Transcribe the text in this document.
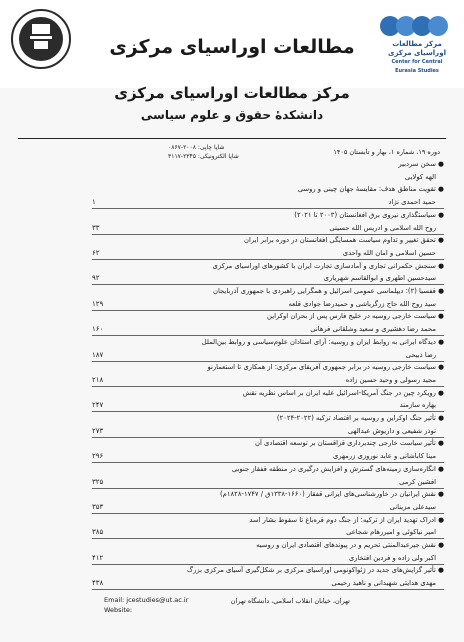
مرکز مطالعات
اوراسیای مرکزی
Center for Central Eurasia Studies
مطالعات اوراسیای مرکزی
مرکز مطالعات اوراسیای مرکزی
دانشکدهٔ حقوق و علوم سیاسی
شاپا چاپی: ۲۰۰۸-۰۸۶۷
شاپا الکترونیکی: ۲۳۴۵-۳۱۱۷
دوره ۱۹، شماره ۱، بهار و تابستان ۱۴۰۵
● سخن سردبیر
الهه کولایی
● تقویت مناطق هدف: مقایسهٔ جهان چینی و روسی
حمید احمدی نژاد
۱
● سیاستگذاری نیروی برق افغانستان (۲۰۰۳ تا ۲۰۲۱)
روح الله اسلامی و ادریس الله حسینی
۳۳
● تحقق تغییر و تداوم سیاست همسایگی افغانستان در دوره برابر ایران
حسین اسلامی و امان الله واحدی
۶۲
● سنجش حکمرانی تجاری و آمادسازی تجارت ایران با کشورهای اوراسیای مرکزی
سیدحسین اطهری و ابوالقاسم شهریاری
۹۲
● قفسیا (۲): دیپلماسی عمومی اسرائیل و همگرایی راهبردی با جمهوری آذربایجان
سید روح الله حاج زرگرباشی و حمیدرضا جوادی قلعه
۱۲۹
● سیاست خارجی روسیه در خلیج فارس پس از بحران اوکراین
محمد رضا دهشیری و سعید وشلقانی فرهانی
۱۶۰
● دیدگاه ایرانی به روابط ایران و روسیه: آرای استادان علوم‌سیاسی و روابط بین‌الملل
رضا ذبیحی
۱۸۷
● سیاست خارجی روسیه در برابر جمهوری آفریقای مرکزی: از همکاری تا استعمارنو
مجید رسولی و وحید حسین زاده
۲۱۸
● رویکرد چین در جنگ آمریکا-اسرائیل علیه ایران بر اساس نظریه نقش
بهاره سازمند
۲۴۷
● تأثیر جنگ اوکراین و روسیه بر اقتصاد ترکیه (۲۰۲۲-۲۰۲۴)
نوذر شفیعی و داریوش عبدالهی
۲۷۳
● تأثیر سیاست خارجی چندبرداری قزاقستان بر توسعه اقتصادی آن
مینا کاباشانی و عابد نوروزی زرمهری
۲۹۶
● انگاره‌سازی زمینه‌های گسترش و افزایش درگیری در منطقه قفقاز جنوبی
افشین کرمی
۳۲۵
● نقش ایرانیان در خاورشناسی‌های ایرانی قفقاز (۱۶۶۰-۱۳۳۸ق / ۱۷۴۷-۱۸۲۸م)
سیدعلی مزینانی
۳۵۳
● ادراک تهدید ایران از ترکیه: از جنگ دوم قره‌باغ تا سقوط بشار اسد
امیر نیاکوئی و امیررهام شجاعی
۳۸۵
● نقش جیرعبدالمنتی تحریم و در پیوندهای اقتصادی ایران و روسیه
اکبر ولی زاده و فردین افتخاری
۴۱۲
● تأثیر گرایش‌های جدید در ژئواکونومی اوراسیای مرکزی بر شکل‌گیری آسیای مرکزی بزرگ
مهدی هدایتی شهیدانی و ناهید رحیمی
۴۳۸
Email: jcestudies@ut.ac.ir
Website:
تهران، خیابان انقلاب اسلامی، دانشگاه تهران
